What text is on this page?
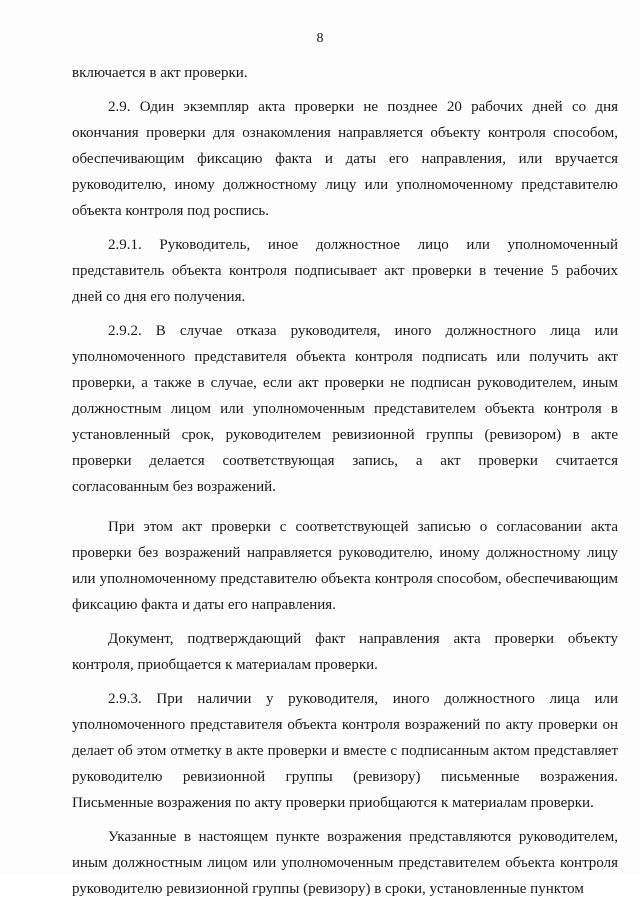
8

включается в акт проверки.

2.9. Один экземпляр акта проверки не позднее 20 рабочих дней со дня окончания проверки для ознакомления направляется объекту контроля способом, обеспечивающим фиксацию факта и даты его направления, или вручается руководителю, иному должностному лицу или уполномоченному представителю объекта контроля под роспись.

2.9.1. Руководитель, иное должностное лицо или уполномоченный представитель объекта контроля подписывает акт проверки в течение 5 рабочих дней со дня его получения.

2.9.2. В случае отказа руководителя, иного должностного лица или уполномоченного представителя объекта контроля подписать или получить акт проверки, а также в случае, если акт проверки не подписан руководителем, иным должностным лицом или уполномоченным представителем объекта контроля в установленный срок, руководителем ревизионной группы (ревизором) в акте проверки делается соответствующая запись, а акт проверки считается согласованным без возражений.

При этом акт проверки с соответствующей записью о согласовании акта проверки без возражений направляется руководителю, иному должностному лицу или уполномоченному представителю объекта контроля способом, обеспечивающим фиксацию факта и даты его направления.

Документ, подтверждающий факт направления акта проверки объекту контроля, приобщается к материалам проверки.

2.9.3. При наличии у руководителя, иного должностного лица или уполномоченного представителя объекта контроля возражений по акту проверки он делает об этом отметку в акте проверки и вместе с подписанным актом представляет руководителю ревизионной группы (ревизору) письменные возражения. Письменные возражения по акту проверки приобщаются к материалам проверки.

Указанные в настоящем пункте возражения представляются руководителем, иным должностным лицом или уполномоченным представителем объекта контроля руководителю ревизионной группы (ревизору) в сроки, установленные пунктом
